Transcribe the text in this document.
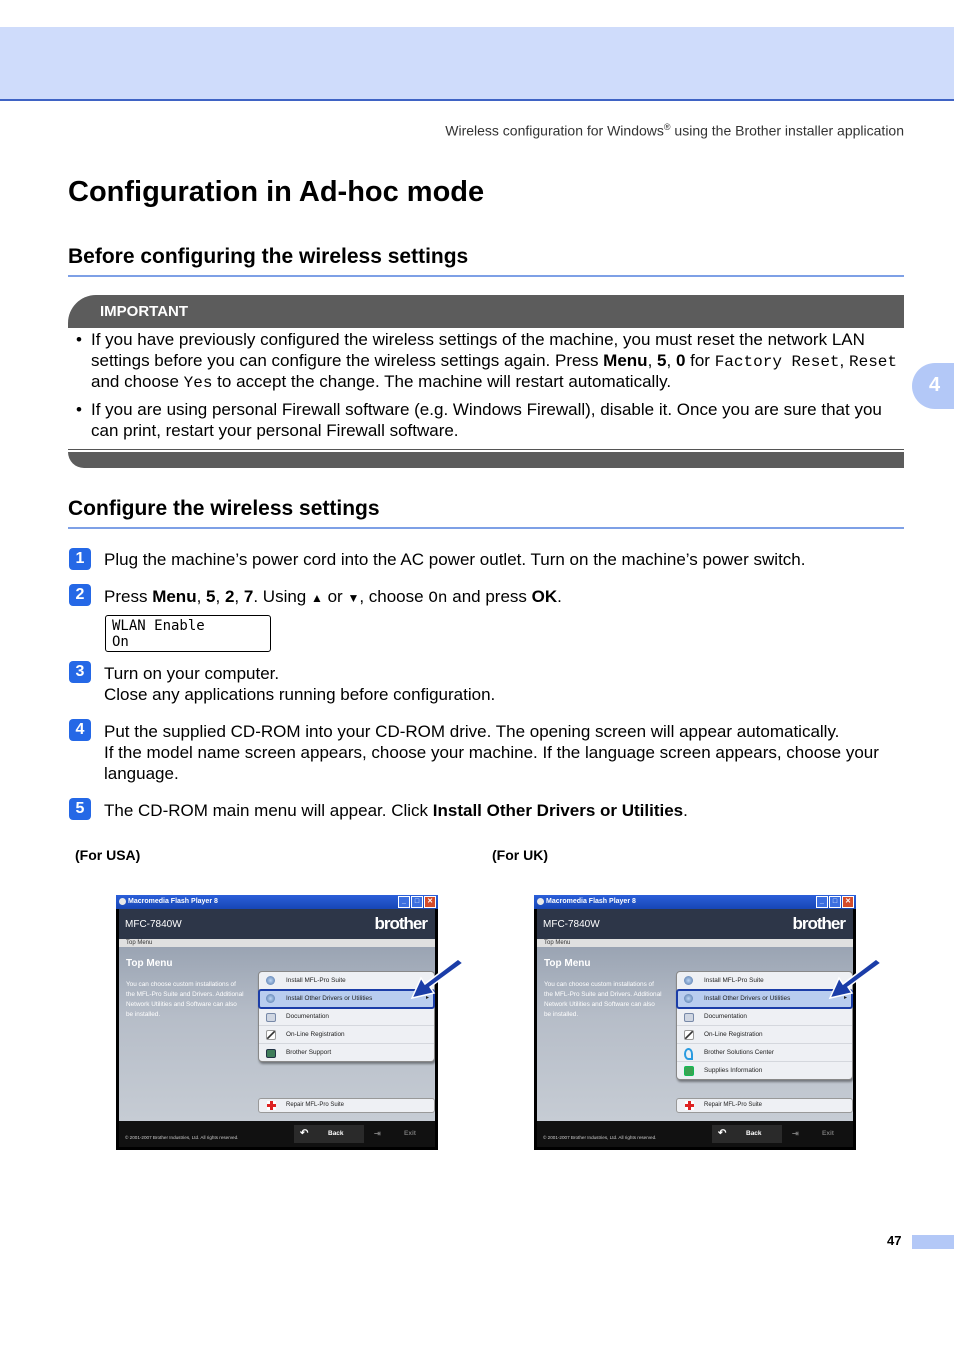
Wireless configuration for Windows® using the Brother installer application
4
Configuration in Ad-hoc mode
Before configuring the wireless settings
IMPORTANT
• If you have previously configured the wireless settings of the machine, you must reset the network LAN settings before you can configure the wireless settings again. Press Menu, 5, 0 for Factory Reset, Reset and choose Yes to accept the change. The machine will restart automatically.
• If you are using personal Firewall software (e.g. Windows Firewall), disable it. Once you are sure that you can print, restart your personal Firewall software.
Configure the wireless settings
1	Plug the machine’s power cord into the AC power outlet. Turn on the machine’s power switch.
2	Press Menu, 5, 2, 7. Using ▲ or ▼, choose On and press OK.
WLAN Enable
On
3	Turn on your computer.
Close any applications running before configuration.
4	Put the supplied CD-ROM into your CD-ROM drive. The opening screen will appear automatically.
If the model name screen appears, choose your machine. If the language screen appears, choose your language.
5	The CD-ROM main menu will appear. Click Install Other Drivers or Utilities.
(For USA)	(For UK)
Macromedia Flash Player 8	_ □ ✕
MFC-7840W	brother
Top Menu
Top Menu
You can choose custom installations of the MFL-Pro Suite and Drivers. Additional Network Utilities and Software can also be installed.
Install MFL-Pro Suite
Install Other Drivers or Utilities	▸
Documentation
On-Line Registration
Brother Support
Repair MFL-Pro Suite
© 2001-2007 Brother Industries, Ltd. All rights reserved.	↶	Back	⇥	Exit
Macromedia Flash Player 8	_ □ ✕
MFC-7840W	brother
Top Menu
Top Menu
You can choose custom installations of the MFL-Pro Suite and Drivers. Additional Network Utilities and Software can also be installed.
Install MFL-Pro Suite
Install Other Drivers or Utilities	▸
Documentation
On-Line Registration
Brother Solutions Center
Supplies Information
Repair MFL-Pro Suite
© 2001-2007 Brother Industries, Ltd. All rights reserved.	↶	Back	⇥	Exit
47
